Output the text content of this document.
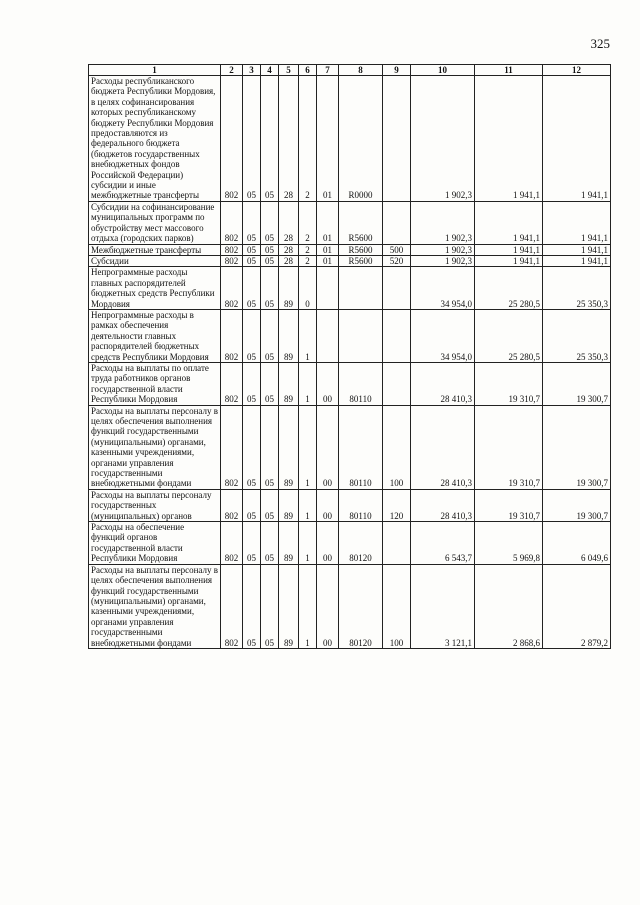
325
1	2	3	4	5	6	7	8	9	10	11	12
Расходы республиканского бюджета Республики Мордовия, в целях софинансирования которых республиканскому бюджету Республики Мордовия предоставляются из федерального бюджета (бюджетов государственных внебюджетных фондов Российской Федерации) субсидии и иные межбюджетные трансферты	802	05	05	28	2	01	R0000		1 902,3	1 941,1	1 941,1
Субсидии на софинансирование муниципальных программ по обустройству мест массового отдыха (городских парков)	802	05	05	28	2	01	R5600		1 902,3	1 941,1	1 941,1
Межбюджетные трансферты	802	05	05	28	2	01	R5600	500	1 902,3	1 941,1	1 941,1
Субсидии	802	05	05	28	2	01	R5600	520	1 902,3	1 941,1	1 941,1
Непрограммные расходы главных распорядителей бюджетных средств Республики Мордовия	802	05	05	89	0				34 954,0	25 280,5	25 350,3
Непрограммные расходы в рамках обеспечения деятельности главных распорядителей бюджетных средств Республики Мордовия	802	05	05	89	1				34 954,0	25 280,5	25 350,3
Расходы на выплаты по оплате труда работников органов государственной власти Республики Мордовия	802	05	05	89	1	00	80110		28 410,3	19 310,7	19 300,7
Расходы на выплаты персоналу в целях обеспечения выполнения функций государственными (муниципальными) органами, казенными учреждениями, органами управления государственными внебюджетными фондами	802	05	05	89	1	00	80110	100	28 410,3	19 310,7	19 300,7
Расходы на выплаты персоналу государственных (муниципальных) органов	802	05	05	89	1	00	80110	120	28 410,3	19 310,7	19 300,7
Расходы на обеспечение функций органов государственной власти Республики Мордовия	802	05	05	89	1	00	80120		6 543,7	5 969,8	6 049,6
Расходы на выплаты персоналу в целях обеспечения выполнения функций государственными (муниципальными) органами, казенными учреждениями, органами управления государственными внебюджетными фондами	802	05	05	89	1	00	80120	100	3 121,1	2 868,6	2 879,2
